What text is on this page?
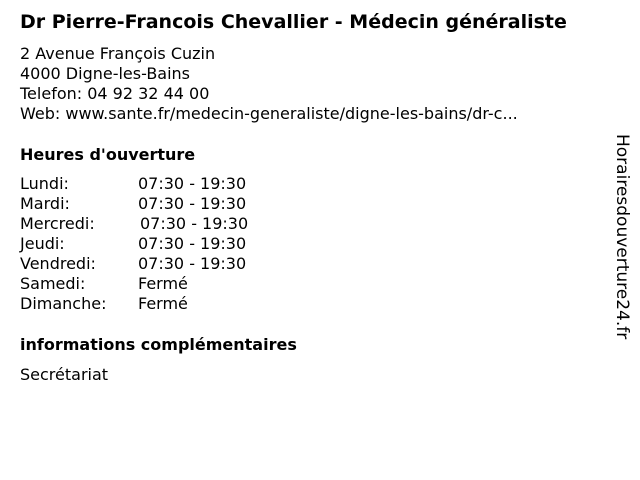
Dr Pierre-Francois Chevallier - Médecin généraliste
2 Avenue François Cuzin
4000 Digne-les-Bains
Telefon: 04 92 32 44 00
Web: www.sante.fr/medecin-generaliste/digne-les-bains/dr-c...
Heures d'ouverture
Lundi:	07:30 - 19:30
Mardi:	07:30 - 19:30
Mercredi:	07:30 - 19:30
Jeudi:	07:30 - 19:30
Vendredi:	07:30 - 19:30
Samedi:	Fermé
Dimanche: Fermé
informations complémentaires
Secrétariat
Horairesdouverture24.fr
